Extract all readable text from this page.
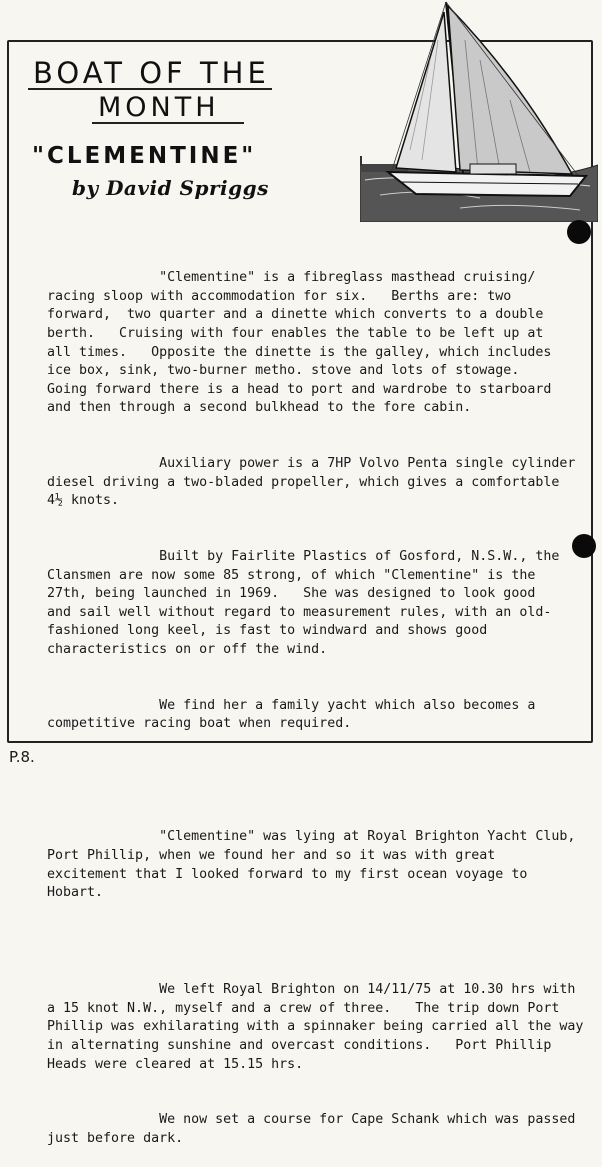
BOAT OF THE
MONTH
"CLEMENTINE"
by David Spriggs

"Clementine" is a fibreglass masthead cruising/
racing sloop with accommodation for six.   Berths are: two
forward,  two quarter and a dinette which converts to a double
berth.   Cruising with four enables the table to be left up at
all times.   Opposite the dinette is the galley, which includes
ice box, sink, two-burner metho. stove and lots of stowage.
Going forward there is a head to port and wardrobe to starboard
and then through a second bulkhead to the fore cabin.

Auxiliary power is a 7HP Volvo Penta single cylinder
diesel driving a two-bladed propeller, which gives a comfortable
4½ knots.

Built by Fairlite Plastics of Gosford, N.S.W., the
Clansmen are now some 85 strong, of which "Clementine" is the
27th, being launched in 1969.   She was designed to look good
and sail well without regard to measurement rules, with an old-
fashioned long keel, is fast to windward and shows good
characteristics on or off the wind.

We find her a family yacht which also becomes a
competitive racing boat when required.

"Clementine" was lying at Royal Brighton Yacht Club,
Port Phillip, when we found her and so it was with great
excitement that I looked forward to my first ocean voyage to
Hobart.

We left Royal Brighton on 14/11/75 at 10.30 hrs with
a 15 knot N.W., myself and a crew of three.   The trip down Port
Phillip was exhilarating with a spinnaker being carried all the way
in alternating sunshine and overcast conditions.   Port Phillip
Heads were cleared at 15.15 hrs.

We now set a course for Cape Schank which was passed
just before dark.

P.8.
